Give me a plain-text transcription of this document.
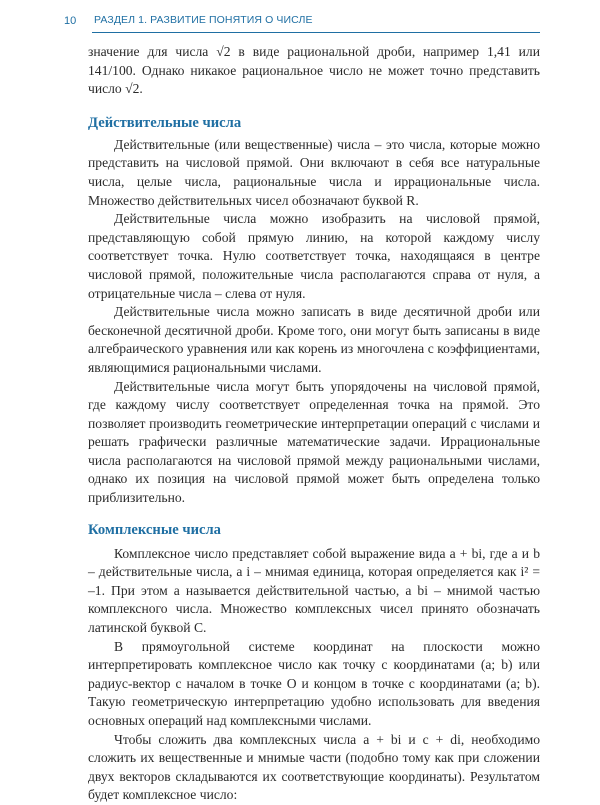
10 РАЗДЕЛ 1. РАЗВИТИЕ ПОНЯТИЯ О ЧИСЛЕ

значение для числа √2 в виде рациональной дроби, например 1,41 или 141/100. Однако никакое рациональное число не может точно представить число √2.

Действительные числа

Действительные (или вещественные) числа – это числа, которые можно представить на числовой прямой. Они включают в себя все натуральные числа, целые числа, рациональные числа и иррациональные числа. Множество действительных чисел обозначают буквой R.

Действительные числа можно изобразить на числовой прямой, представляющую собой прямую линию, на которой каждому числу соответствует точка. Нулю соответствует точка, находящаяся в центре числовой прямой, положительные числа располагаются справа от нуля, а отрицательные числа – слева от нуля.

Действительные числа можно записать в виде десятичной дроби или бесконечной десятичной дроби. Кроме того, они могут быть записаны в виде алгебраического уравнения или как корень из многочлена с коэффициентами, являющимися рациональными числами.

Действительные числа могут быть упорядочены на числовой прямой, где каждому числу соответствует определенная точка на прямой. Это позволяет производить геометрические интерпретации операций с числами и решать графически различные математические задачи. Иррациональные числа располагаются на числовой прямой между рациональными числами, однако их позиция на числовой прямой может быть определена только приблизительно.

Комплексные числа

Комплексное число представляет собой выражение вида a + bi, где a и b – действительные числа, а i – мнимая единица, которая определяется как i² = –1. При этом a называется действительной частью, а bi – мнимой частью комплексного числа. Множество комплексных чисел принято обозначать латинской буквой C.

В прямоугольной системе координат на плоскости можно интерпретировать комплексное число как точку с координатами (a; b) или радиус-вектор с началом в точке O и концом в точке с координатами (a; b). Такую геометрическую интерпретацию удобно использовать для введения основных операций над комплексными числами.

Чтобы сложить два комплексных числа a + bi и c + di, необходимо сложить их вещественные и мнимые части (подобно тому как при сложении двух векторов складываются их соответствующие координаты). Результатом будет комплексное число:
